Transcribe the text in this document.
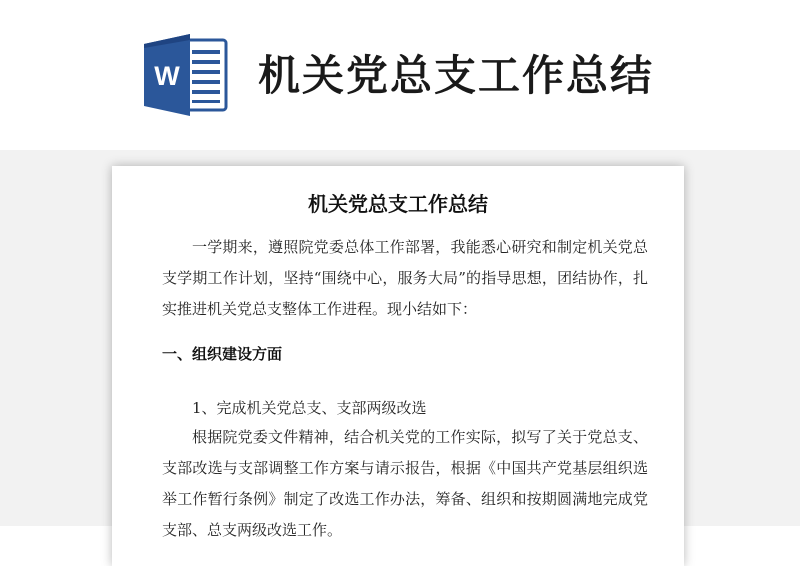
W 机关党总支工作总结
机关党总支工作总结

一学期来，遵照院党委总体工作部署，我能悉心研究和制定机关党总支学期工作计划，坚持“围绕中心，服务大局”的指导思想，团结协作，扎实推进机关党总支整体工作进程。现小结如下：

一、组织建设方面
1、完成机关党总支、支部两级改选

根据院党委文件精神，结合机关党的工作实际，拟写了关于党总支、支部改选与支部调整工作方案与请示报告，根据《中国共产党基层组织选举工作暂行条例》制定了改选工作办法，筹备、组织和按期圆满地完成党支部、总支两级改选工作。
